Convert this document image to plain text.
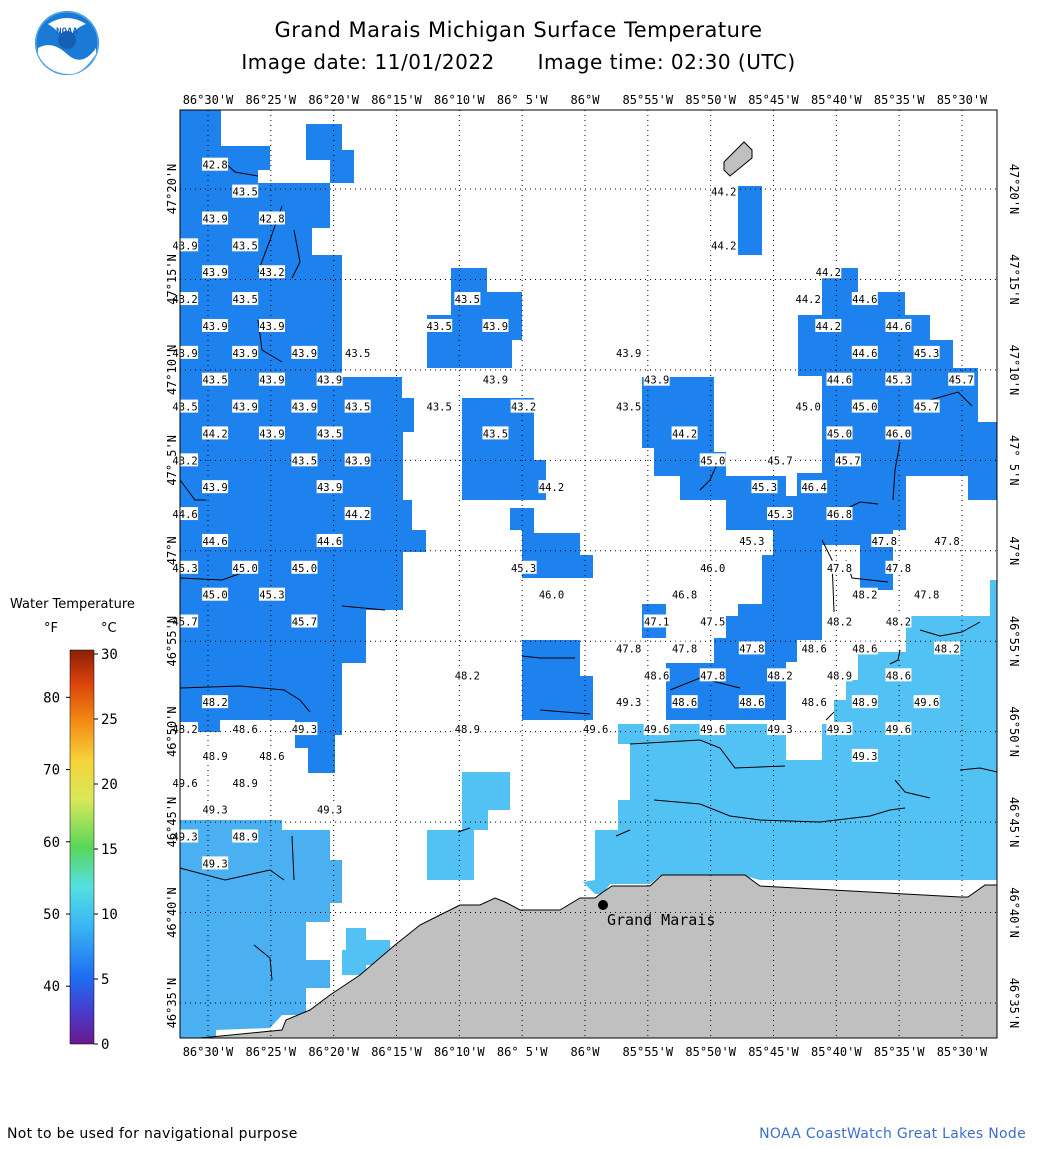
NOAA	Grand Marais Michigan Surface Temperature
Image date: 11/01/2022 Image time: 02:30 (UTC)
42.8
43.5	44.2
43.9	42.8
43.9	43.5	44.2
43.9	43.2	44.2
43.2	43.5	43.5	44.2	44.6
43.9	43.9	43.5	43.9	44.2	44.6
43.9	43.9	43.9	43.5	43.9	44.6	45.3
43.5	43.9	43.9	43.9	43.9	44.6	45.3	45.7
43.5	43.9	43.9	43.5	43.5	43.2	43.5	45.0	45.0	45.7
44.2	43.9	43.5	43.5	44.2	45.0	46.0
43.2	43.5	43.9	45.0	45.7	45.7
43.9	43.9	44.2	45.3 46.4
44.6	44.2	45.3	46.8
44.6	44.6	45.3	47.8	47.8
45.3	45.0	45.0	45.3	46.0	47.8	47.8
45.0	45.3	46.0	46.8	48.2	47.8
45.7	45.7	47.1	47.5	48.2	48.2
47.8	47.8	47.8	48.6 48.6	48.2
48.2	48.6	47.8	48.2	48.9	48.6
48.2	49.3	48.6	48.6	48.6 48.9	49.6
48.2	48.6	49.3	48.9	49.6	49.6	49.6	49.3	49.3	49.6
48.9	48.6	49.3
49.6	48.9
49.3	49.3
49.3	48.9
49.3
Grand Marais
86°30'W
86°30'W
86°25'W
86°25'W
86°20'W
86°20'W
86°15'W
86°15'W
86°10'W
86°10'W
86° 5'W
86° 5'W
86°W
86°W
85°55'W
85°55'W
85°50'W
85°50'W
85°45'W
85°45'W
85°40'W
85°40'W
85°35'W
85°35'W
85°30'W
85°30'W
47°20'N	47°20'N
47°15'N	47°15'N
47°10'N	47°10'N
47° 5'N	47° 5'N
47°N	47°N
46°55'N	46°55'N
46°50'N	46°50'N
46°45'N	46°45'N
46°40'N	46°40'N
46°35'N	46°35'N
Water Temperature
°F	°C
80
70
60
50
40
30
25
20
15
10
5
0
Not to be used for navigational purpose	NOAA CoastWatch Great Lakes Node
